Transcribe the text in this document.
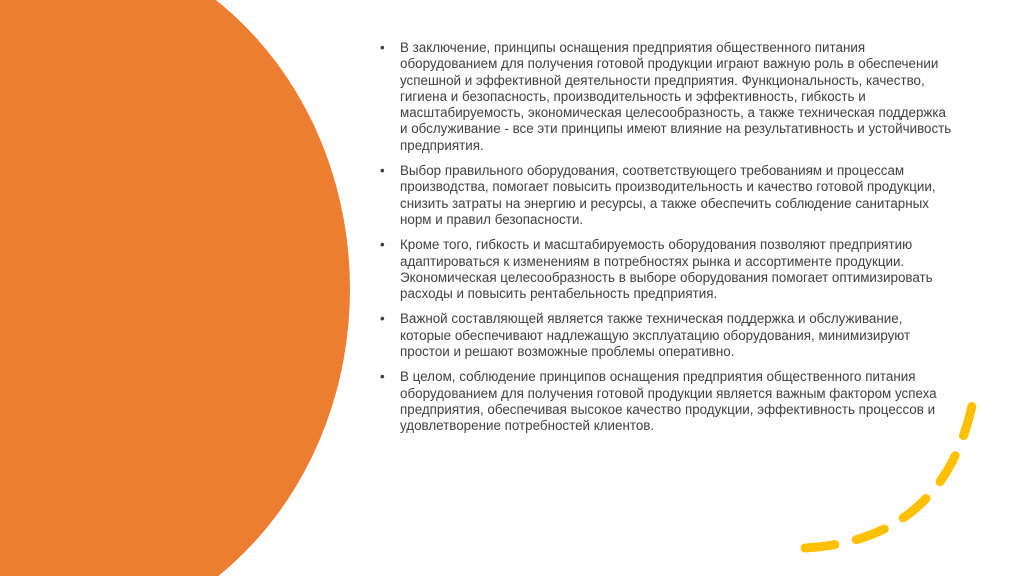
• В заключение, принципы оснащения предприятия общественного питания оборудованием для получения готовой продукции играют важную роль в обеспечении успешной и эффективной деятельности предприятия. Функциональность, качество, гигиена и безопасность, производительность и эффективность, гибкость и масштабируемость, экономическая целесообразность, а также техническая поддержка и обслуживание - все эти принципы имеют влияние на результативность и устойчивость предприятия.
• Выбор правильного оборудования, соответствующего требованиям и процессам производства, помогает повысить производительность и качество готовой продукции, снизить затраты на энергию и ресурсы, а также обеспечить соблюдение санитарных норм и правил безопасности.
• Кроме того, гибкость и масштабируемость оборудования позволяют предприятию адаптироваться к изменениям в потребностях рынка и ассортименте продукции. Экономическая целесообразность в выборе оборудования помогает оптимизировать расходы и повысить рентабельность предприятия.
• Важной составляющей является также техническая поддержка и обслуживание, которые обеспечивают надлежащую эксплуатацию оборудования, минимизируют простои и решают возможные проблемы оперативно.
• В целом, соблюдение принципов оснащения предприятия общественного питания оборудованием для получения готовой продукции является важным фактором успеха предприятия, обеспечивая высокое качество продукции, эффективность процессов и удовлетворение потребностей клиентов.
